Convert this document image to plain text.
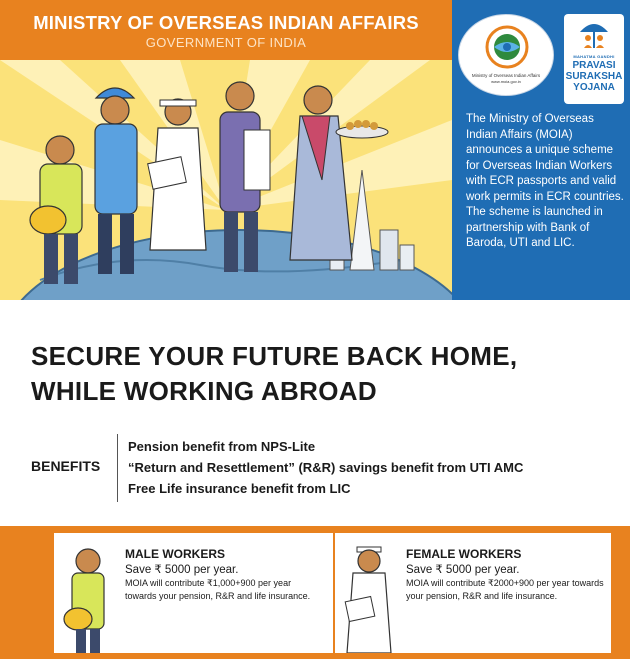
MINISTRY OF OVERSEAS INDIAN AFFAIRS
GOVERNMENT OF INDIA
Ministry of Overseas Indian Affairs
www.moia.gov.in
MAHATMA GANDHI
PRAVASI
SURAKSHA
YOJANA
The Ministry of Overseas Indian Affairs (MOIA) announces a unique scheme for Overseas Indian Workers with ECR passports and valid work permits in ECR countries. The scheme is launched in partnership with Bank of Baroda, UTI and LIC.
SECURE YOUR FUTURE BACK HOME,
WHILE WORKING ABROAD
BENEFITS
Pension benefit from NPS-Lite
“Return and Resettlement” (R&R) savings benefit from UTI AMC
Free Life insurance benefit from LIC
MALE WORKERS
Save ₹ 5000 per year.
MOIA will contribute ₹1,000+900 per year towards your pension, R&R and life insurance.
FEMALE WORKERS
Save ₹ 5000 per year.
MOIA will contribute ₹2000+900 per year towards your pension, R&R and life insurance.
